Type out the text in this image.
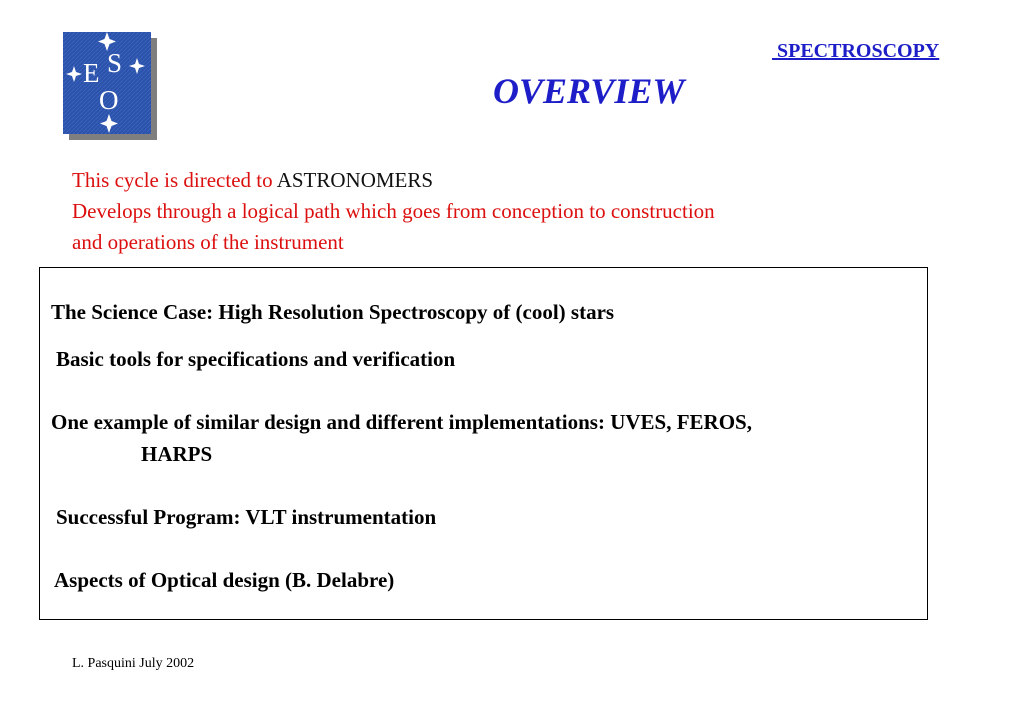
E S
O
SPECTROSCOPY
OVERVIEW
This cycle is directed to ASTRONOMERS
Develops through a logical path which goes from conception to construction
and operations of the instrument
The Science Case: High Resolution Spectroscopy of (cool) stars
Basic tools for specifications and verification
One example of similar design and different implementations: UVES, FEROS,
HARPS
Successful Program: VLT instrumentation
Aspects of Optical design (B. Delabre)
L. Pasquini July 2002
